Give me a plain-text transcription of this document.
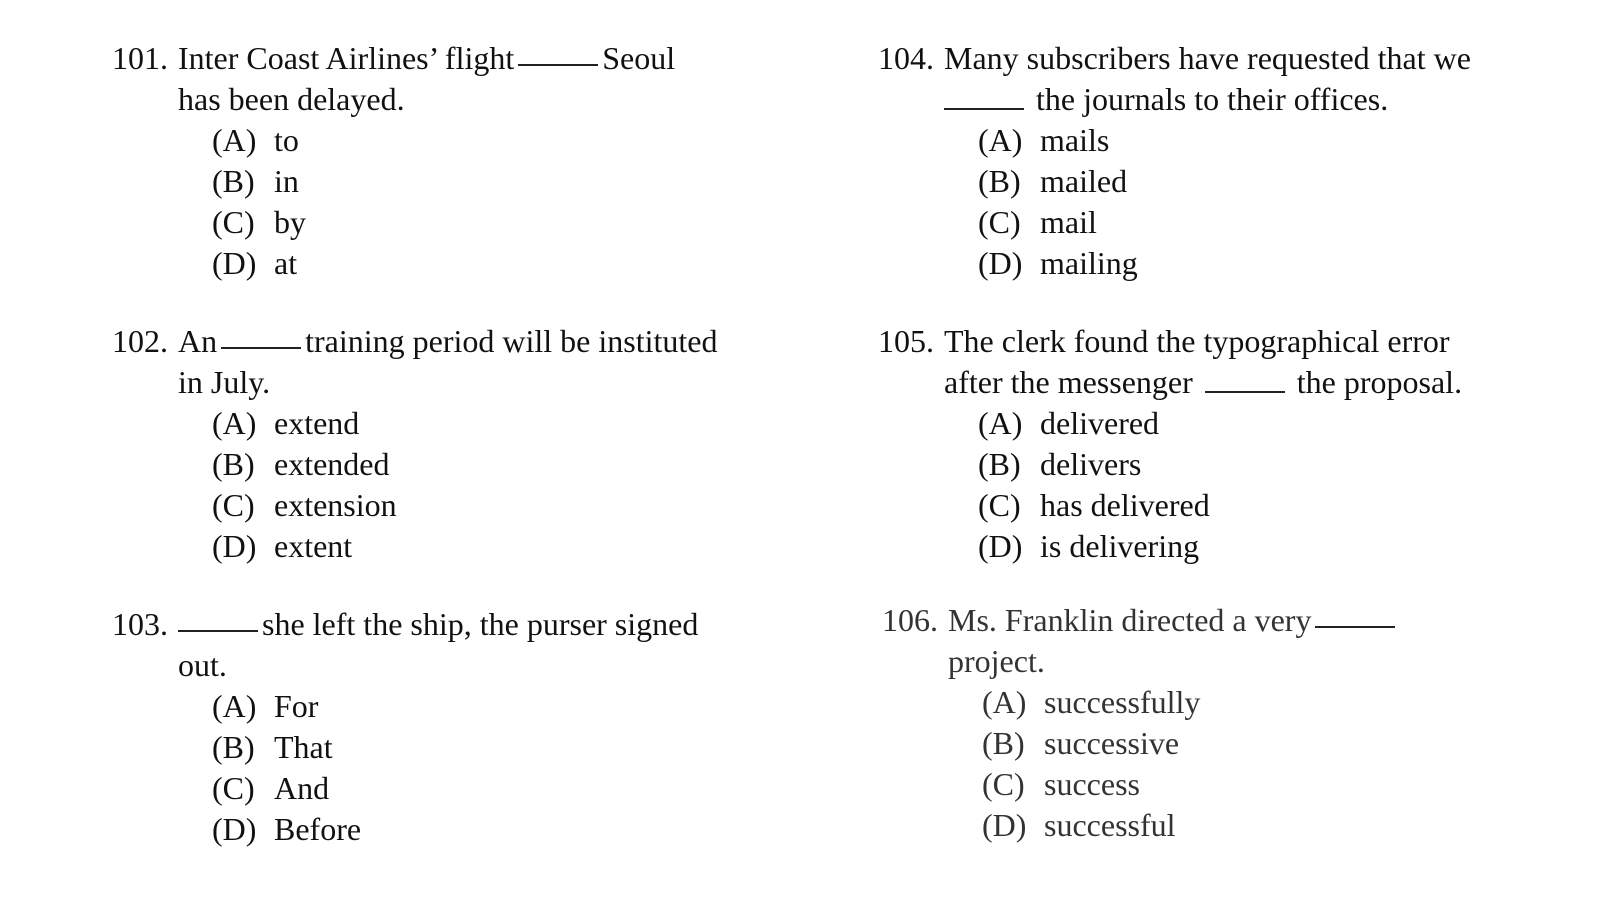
101. Inter Coast Airlines’ flight	Seoul
has been delayed.
(A) to
(B) in
(C) by
(D) at
102. An	training period will be instituted
in July.
(A) extend
(B) extended
(C) extension
(D) extent
103.	she left the ship, the purser signed
out.
(A) For
(B) That
(C) And
(D) Before
104. Many subscribers have requested that we
the journals to their offices.
(A) mails
(B) mailed
(C) mail
(D) mailing
105. The clerk found the typographical error
after the messenger	the proposal.
(A) delivered
(B) delivers
(C) has delivered
(D) is delivering
106. Ms. Franklin directed a very
project.
(A) successfully
(B) successive
(C) success
(D) successful
